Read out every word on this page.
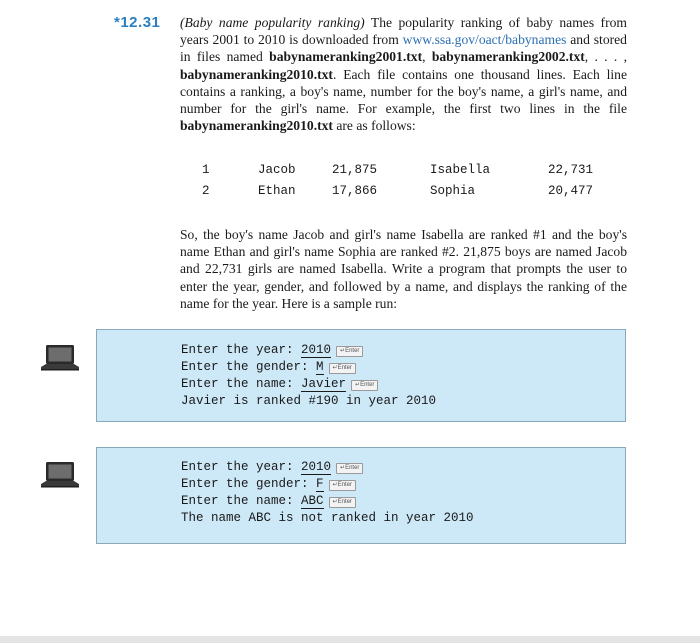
*12.31 (Baby name popularity ranking) The popularity ranking of baby names from years 2001 to 2010 is downloaded from www.ssa.gov/oact/babynames and stored in files named babynameranking2001.txt, babynameranking2002.txt, . . . , babynameranking2010.txt. Each file contains one thousand lines. Each line contains a ranking, a boy's name, number for the boy's name, a girl's name, and number for the girl's name. For example, the first two lines in the file babynameranking2010.txt are as follows:
1	Jacob	21,875	Isabella	22,731
2	Ethan	17,866	Sophia	20,477
So, the boy's name Jacob and girl's name Isabella are ranked #1 and the boy's name Ethan and girl's name Sophia are ranked #2. 21,875 boys are named Jacob and 22,731 girls are named Isabella. Write a program that prompts the user to enter the year, gender, and followed by a name, and displays the ranking of the name for the year. Here is a sample run:
Enter the year: 2010 ↵Enter
Enter the gender: M ↵Enter
Enter the name: Javier ↵Enter
Javier is ranked #190 in year 2010
Enter the year: 2010 ↵Enter
Enter the gender: F ↵Enter
Enter the name: ABC ↵Enter
The name ABC is not ranked in year 2010
